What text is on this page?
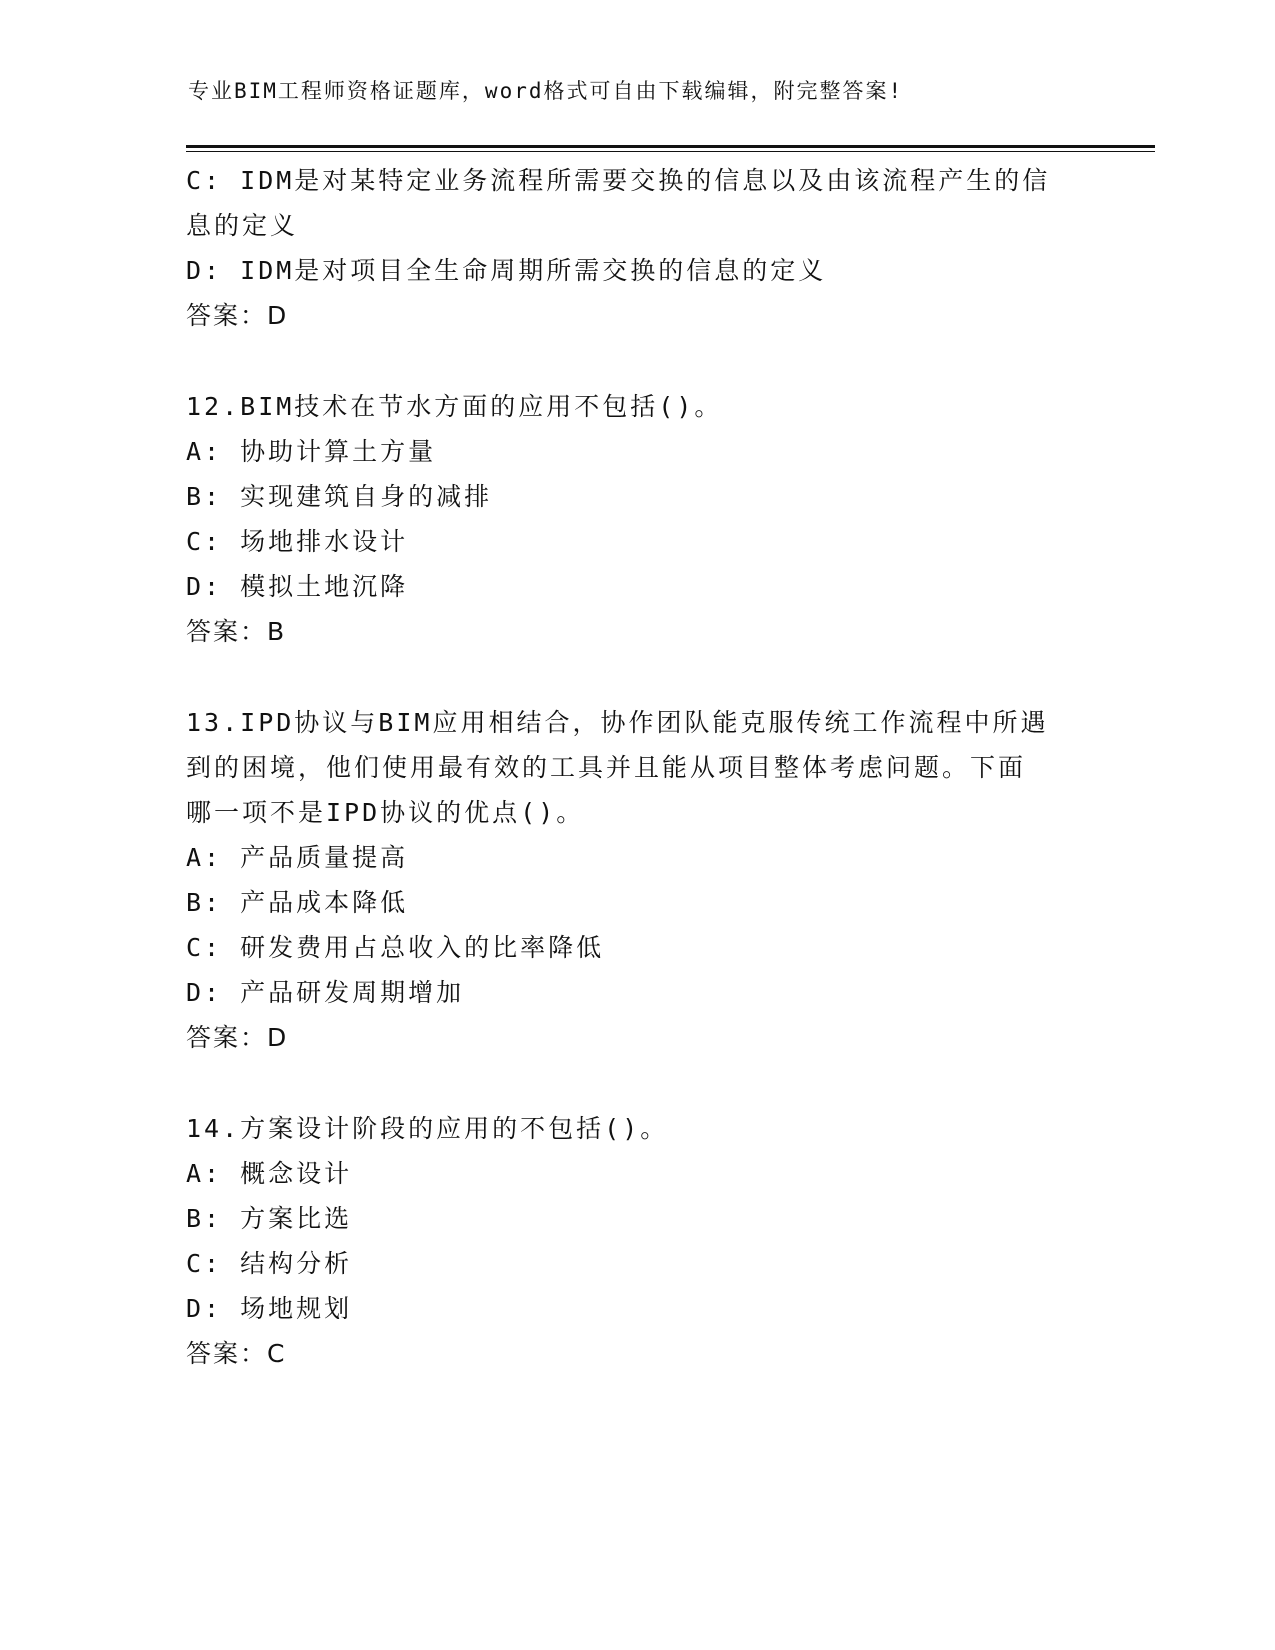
专业BIM工程师资格证题库，word格式可自由下载编辑，附完整答案!
C: IDM是对某特定业务流程所需要交换的信息以及由该流程产生的信
息的定义
D: IDM是对项目全生命周期所需交换的信息的定义
答案：D
12.BIM技术在节水方面的应用不包括()。
A: 协助计算土方量
B: 实现建筑自身的减排
C: 场地排水设计
D: 模拟土地沉降
答案：B
13.IPD协议与BIM应用相结合，协作团队能克服传统工作流程中所遇
到的困境，他们使用最有效的工具并且能从项目整体考虑问题。下面
哪一项不是IPD协议的优点()。
A: 产品质量提高
B: 产品成本降低
C: 研发费用占总收入的比率降低
D: 产品研发周期增加
答案：D
14.方案设计阶段的应用的不包括()。
A: 概念设计
B: 方案比选
C: 结构分析
D: 场地规划
答案：C
